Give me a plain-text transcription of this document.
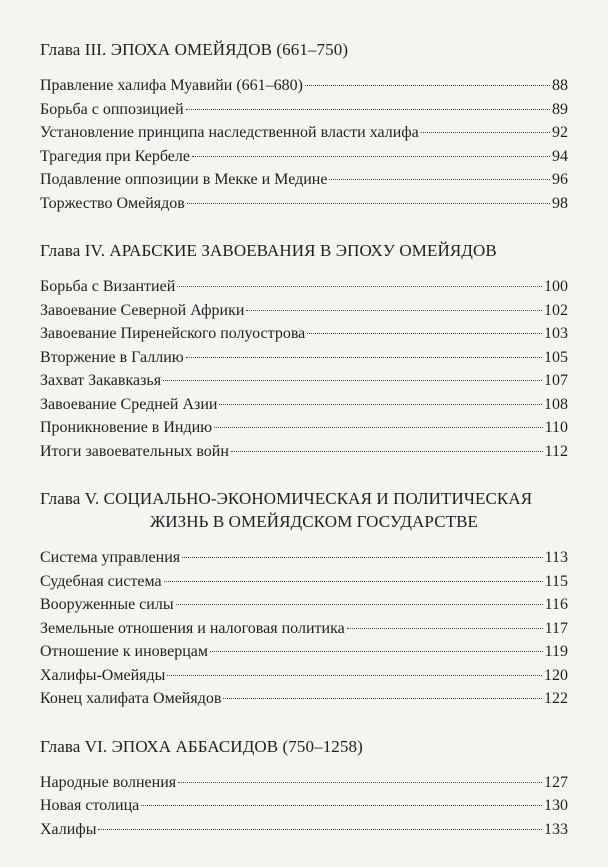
Глава III. ЭПОХА ОМЕЙЯДОВ (661–750)
Правление халифа Муавийи (661–680)	88
Борьба с оппозицией	89
Установление принципа наследственной власти халифа	92
Трагедия при Кербеле	94
Подавление оппозиции в Мекке и Медине	96
Торжество Омейядов	98
Глава IV. АРАБСКИЕ ЗАВОЕВАНИЯ В ЭПОХУ ОМЕЙЯДОВ
Борьба с Византией	100
Завоевание Северной Африки	102
Завоевание Пиренейского полуострова	103
Вторжение в Галлию	105
Захват Закавказья	107
Завоевание Средней Азии	108
Проникновение в Индию	110
Итоги завоевательных войн	112
Глава V. СОЦИАЛЬНО-ЭКОНОМИЧЕСКАЯ И ПОЛИТИЧЕСКАЯ
ЖИЗНЬ В ОМЕЙЯДСКОМ ГОСУДАРСТВЕ
Система управления	113
Судебная система	115
Вооруженные силы	116
Земельные отношения и налоговая политика	117
Отношение к иноверцам	119
Халифы-Омейяды	120
Конец халифата Омейядов	122
Глава VI. ЭПОХА АББАСИДОВ (750–1258)
Народные волнения	127
Новая столица	130
Халифы	133
